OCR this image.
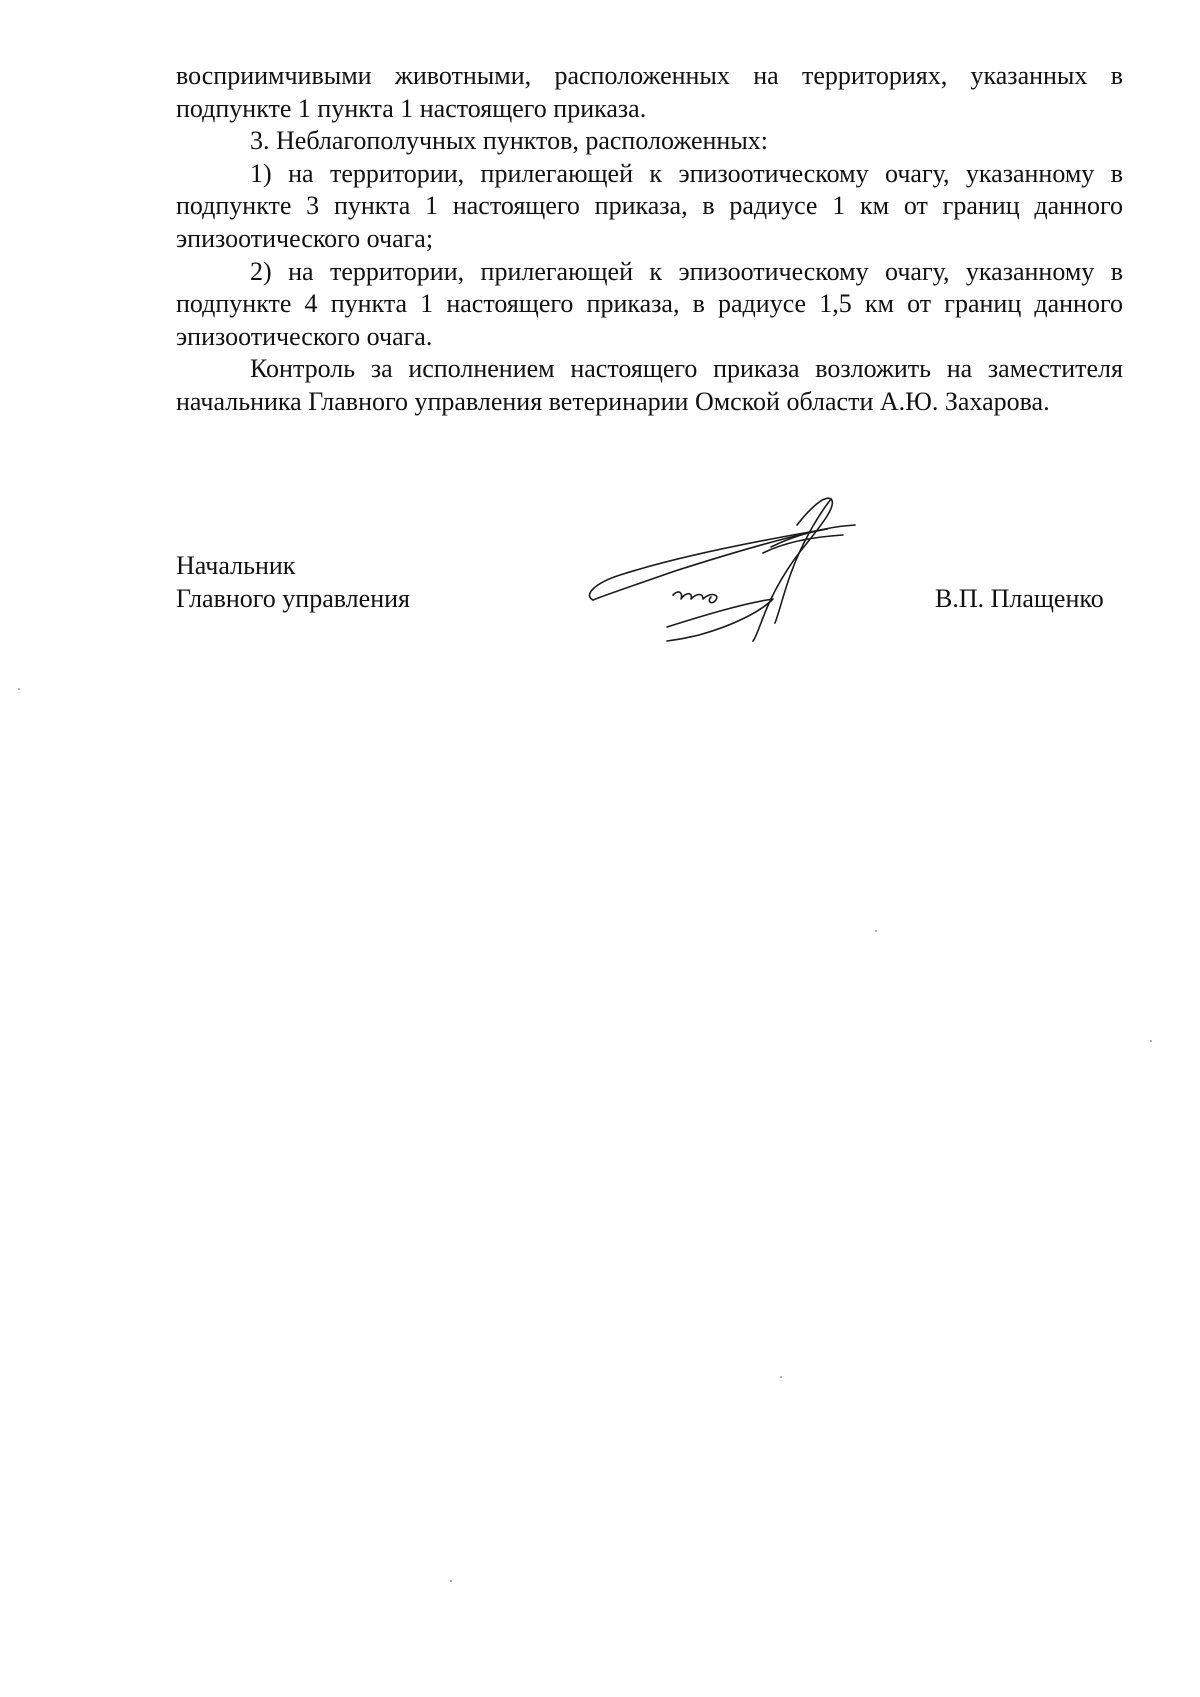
восприимчивыми животными, расположенных на территориях, указанных в подпункте 1 пункта 1 настоящего приказа.

3. Неблагополучных пунктов, расположенных:

1) на территории, прилегающей к эпизоотическому очагу, указанному в подпункте 3 пункта 1 настоящего приказа, в радиусе 1 км от границ данного эпизоотического очага;

2) на территории, прилегающей к эпизоотическому очагу, указанному в подпункте 4 пункта 1 настоящего приказа, в радиусе 1,5 км от границ данного эпизоотического очага.

Контроль за исполнением настоящего приказа возложить на заместителя начальника Главного управления ветеринарии Омской области А.Ю. Захарова.

Начальник
Главного управления	В.П. Плащенко
